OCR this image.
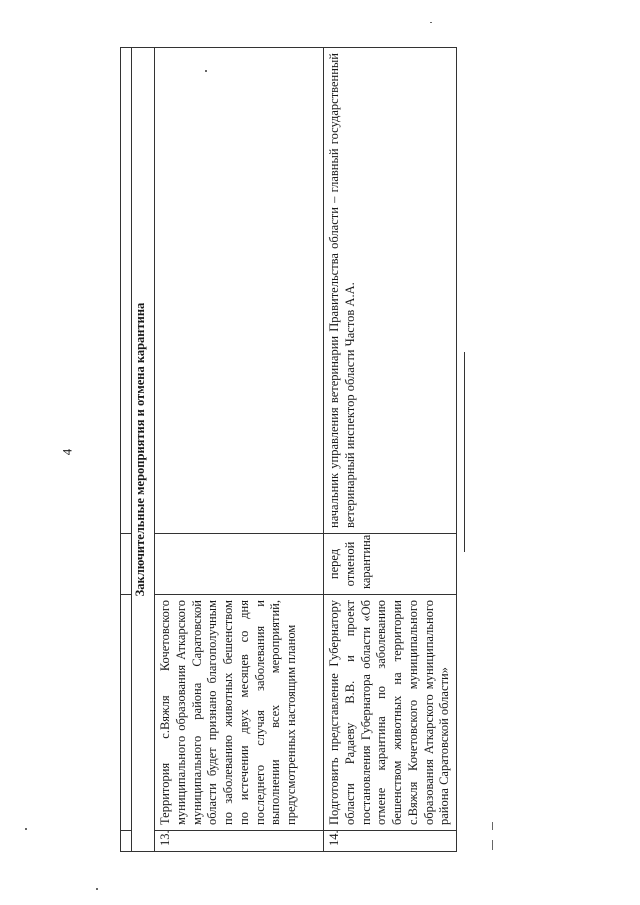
4
				Заключительные мероприятия и отмена карантина			
13.	Территория с.Вяжля Кочетовского муниципального образования Аткарского муниципального района Саратовской области будет признано благополучным по заболеванию животных бешенством по истечении двух месяцев со дня последнего случая заболевания и выполнении всех мероприятий, предусмотренных настоящим планом		
14.	Подготовить представление Губернатору области Радаеву В.В. и проект постановления Губернатора области «Об отмене карантина по заболеванию бешенством животных на территории с.Вяжля Кочетовского муниципального образования Аткарского муниципального района Саратовской области»	перед отменой карантина	начальник управления ветеринарии Правительства области – главный государственный ветеринарный инспектор области Частов А.А.
